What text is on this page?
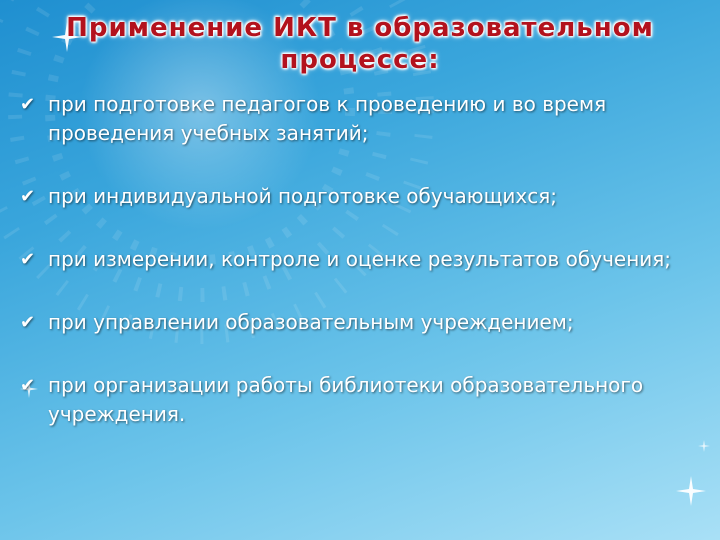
Применение ИКТ в образовательном процессе:
✔ при подготовке педагогов к проведению и во время проведения учебных занятий;
✔ при индивидуальной подготовке обучающихся;
✔ при измерении, контроле и оценке результатов обучения;
✔ при управлении образовательным учреждением;
✔ при организации работы библиотеки образовательного учреждения.
